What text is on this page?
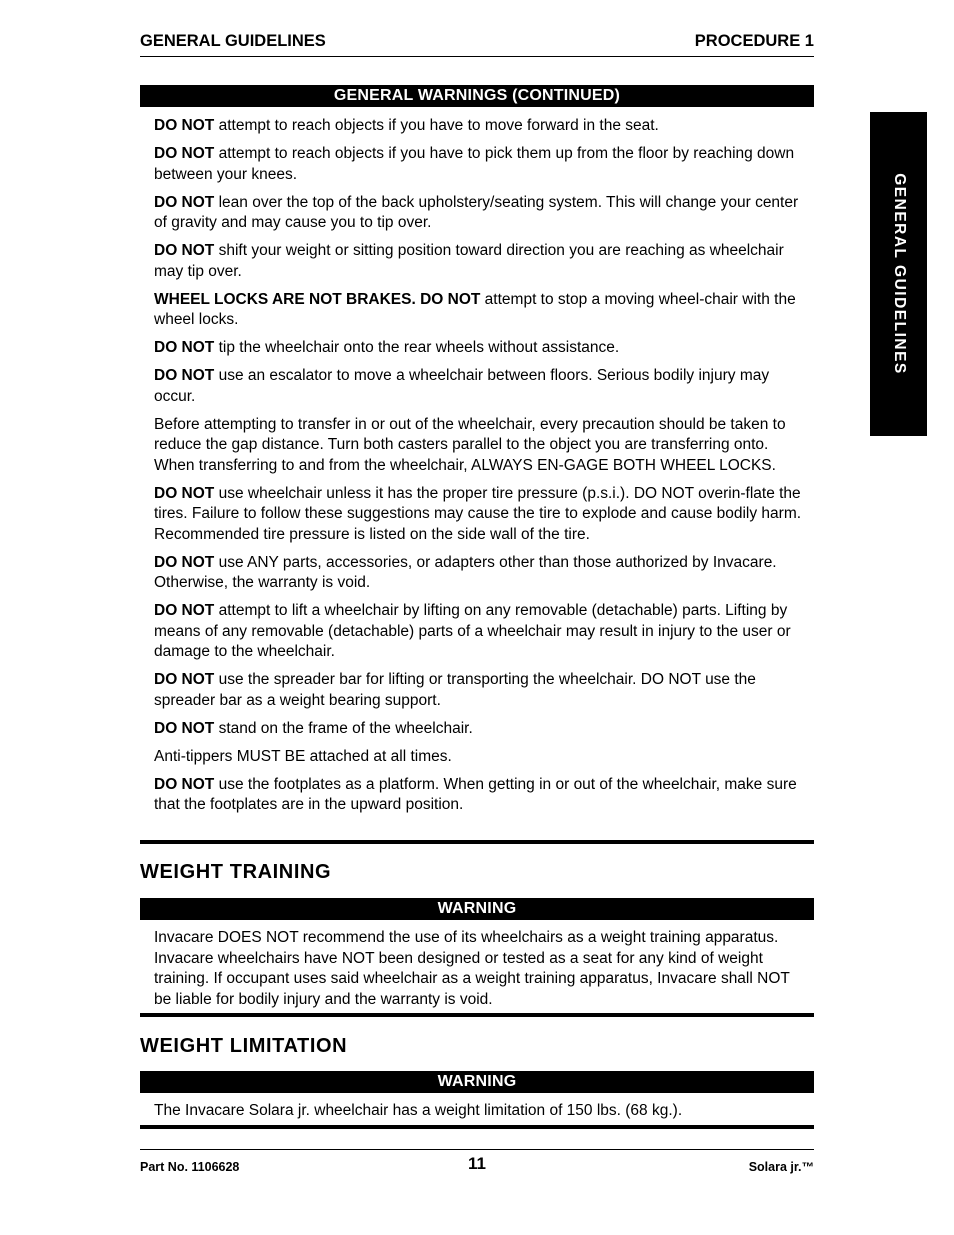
GENERAL GUIDELINES	PROCEDURE 1
GENERAL GUIDELINES
GENERAL WARNINGS (CONTINUED)
DO NOT attempt to reach objects if you have to move forward in the seat.
DO NOT attempt to reach objects if you have to pick them up from the floor by reaching down between your knees.
DO NOT lean over the top of the back upholstery/seating system. This will change your center of gravity and may cause you to tip over.
DO NOT shift your weight or sitting position toward direction you are reaching as wheelchair may tip over.
WHEEL LOCKS ARE NOT BRAKES. DO NOT attempt to stop a moving wheel-chair with the wheel locks.
DO NOT tip the wheelchair onto the rear wheels without assistance.
DO NOT use an escalator to move a wheelchair between floors. Serious bodily injury may occur.
Before attempting to transfer in or out of the wheelchair, every precaution should be taken to reduce the gap distance. Turn both casters parallel to the object you are transferring onto. When transferring to and from the wheelchair, ALWAYS EN-GAGE BOTH WHEEL LOCKS.
DO NOT use wheelchair unless it has the proper tire pressure (p.s.i.). DO NOT overin-flate the tires. Failure to follow these suggestions may cause the tire to explode and cause bodily harm. Recommended tire pressure is listed on the side wall of the tire.
DO NOT use ANY parts, accessories, or adapters other than those authorized by Invacare. Otherwise, the warranty is void.
DO NOT attempt to lift a wheelchair by lifting on any removable (detachable) parts. Lifting by means of any removable (detachable) parts of a wheelchair may result in injury to the user or damage to the wheelchair.
DO NOT use the spreader bar for lifting or transporting the wheelchair. DO NOT use the spreader bar as a weight bearing support.
DO NOT stand on the frame of the wheelchair.
Anti-tippers MUST BE attached at all times.
DO NOT use the footplates as a platform. When getting in or out of the wheelchair, make sure that the footplates are in the upward position.
WEIGHT TRAINING
WARNING
Invacare DOES NOT recommend the use of its wheelchairs as a weight training apparatus. Invacare wheelchairs have NOT been designed or tested as a seat for any kind of weight training. If occupant uses said wheelchair as a weight training apparatus, Invacare shall NOT be liable for bodily injury and the warranty is void.
WEIGHT LIMITATION
WARNING
The Invacare Solara jr. wheelchair has a weight limitation of 150 lbs. (68 kg.).
Part No. 1106628	11	Solara jr.™
